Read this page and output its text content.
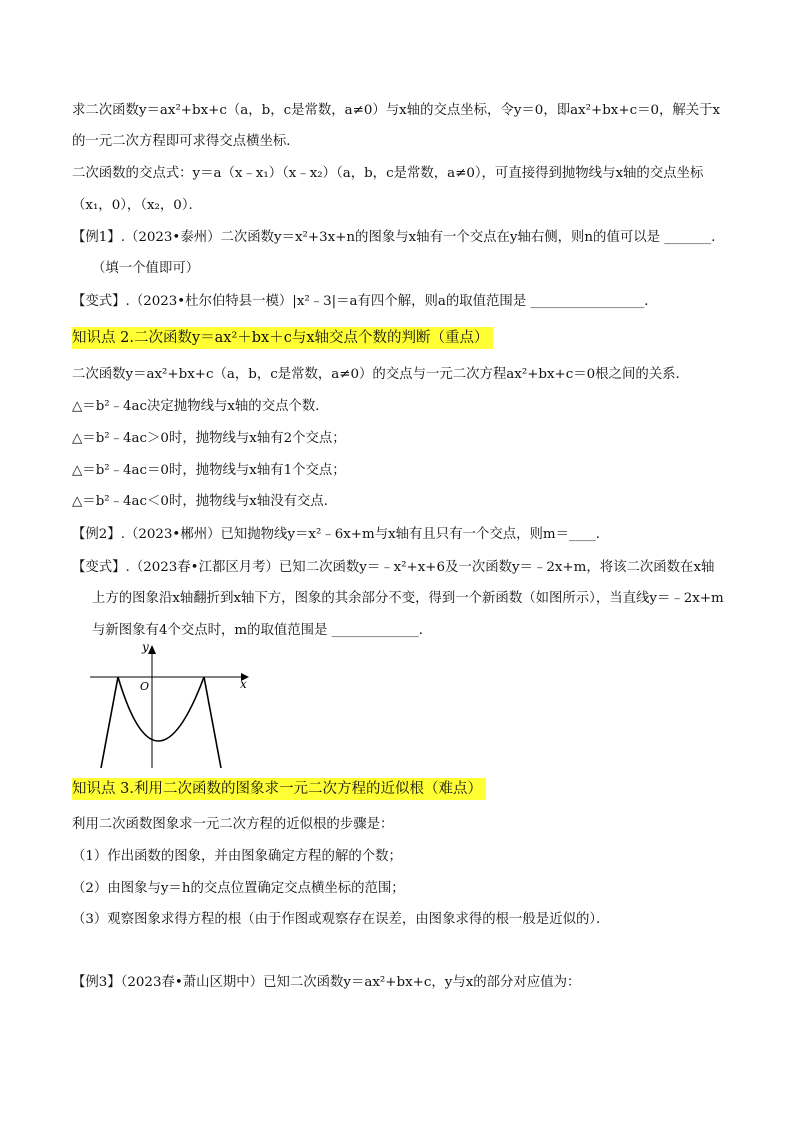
求二次函数y＝ax²+bx+c（a，b，c是常数，a≠0）与x轴的交点坐标，令y＝0，即ax²+bx+c＝0，解关于x
的一元二次方程即可求得交点横坐标．
二次函数的交点式：y＝a（x﹣x₁）（x﹣x₂）（a，b，c是常数，a≠0），可直接得到抛物线与x轴的交点坐标
（x₁，0），（x₂，0）．
【例1】.（2023•泰州）二次函数y＝x²+3x+n的图象与x轴有一个交点在y轴右侧，则n的值可以是 _______.
（填一个值即可）
【变式】.（2023•杜尔伯特县一模）|x²﹣3|＝a有四个解，则a的取值范围是 _________________．
知识点 2.二次函数y＝ax²＋bx＋c与x轴交点个数的判断（重点）
二次函数y＝ax²+bx+c（a，b，c是常数，a≠0）的交点与一元二次方程ax²+bx+c＝0根之间的关系．
△＝b²﹣4ac决定抛物线与x轴的交点个数．
△＝b²﹣4ac＞0时，抛物线与x轴有2个交点；
△＝b²﹣4ac＝0时，抛物线与x轴有1个交点；
△＝b²﹣4ac＜0时，抛物线与x轴没有交点．
【例2】.（2023•郴州）已知抛物线y＝x²﹣6x+m与x轴有且只有一个交点，则m＝____．
【变式】.（2023春•江都区月考）已知二次函数y＝﹣x²+x+6及一次函数y＝﹣2x+m，将该二次函数在x轴
上方的图象沿x轴翻折到x轴下方，图象的其余部分不变，得到一个新函数（如图所示），当直线y＝﹣2x+m
与新图象有4个交点时，m的取值范围是 _____________．
y
O	x
知识点 3.利用二次函数的图象求一元二次方程的近似根（难点）
利用二次函数图象求一元二次方程的近似根的步骤是：
（1）作出函数的图象，并由图象确定方程的解的个数；
（2）由图象与y＝h的交点位置确定交点横坐标的范围；
（3）观察图象求得方程的根（由于作图或观察存在误差，由图象求得的根一般是近似的）．
【例3】（2023春•萧山区期中）已知二次函数y＝ax²+bx+c，y与x的部分对应值为：
